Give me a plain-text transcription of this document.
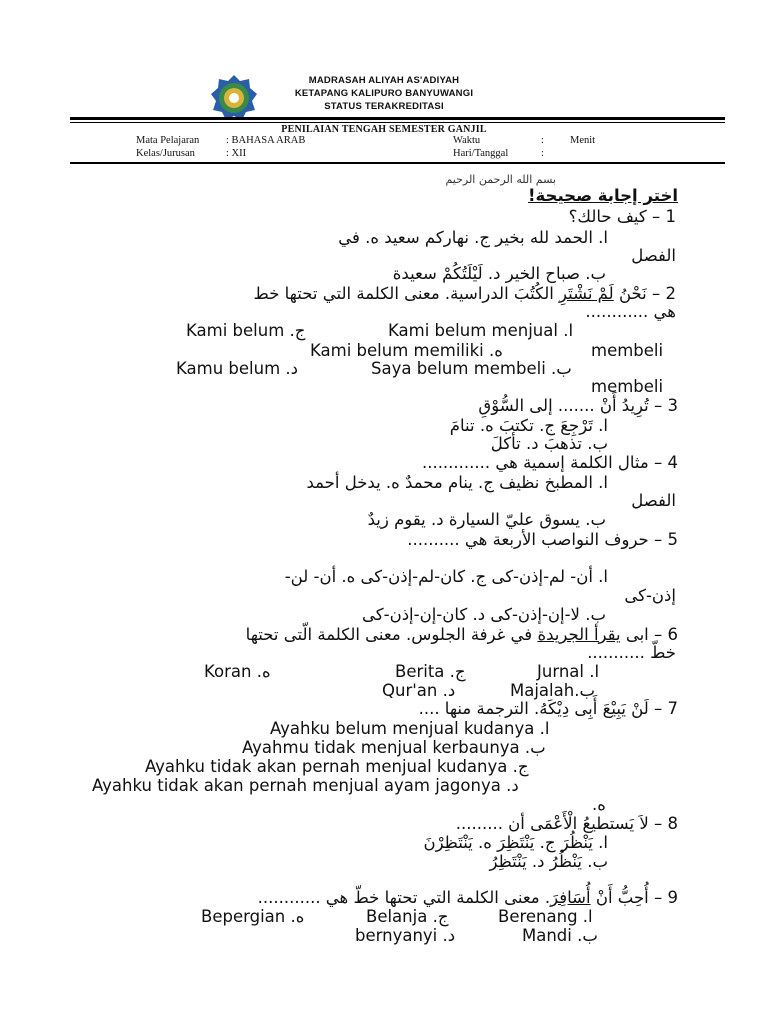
MADRASAH ALIYAH AS'ADIYAH
KETAPANG KALIPURO BANYUWANGI
STATUS TERAKREDITASI
PENILAIAN TENGAH SEMESTER GANJIL
Mata Pelajaran	: BAHASA ARAB	Waktu	: Menit
Kelas/Jurusan	: XII	Hari/Tanggal	:
بسم الله الرحمن الرحيم
اختر إجابة صحيحة!
1 – كيف حالك؟
ا. الحمد لله بخير ج. نهاركم سعيد ه. في
الفصل
ب. صباح الخير د. لَيْلَتُكُمْ سعيدة
2 – نَحْنُ لَمْ نَشْتَرِ الكُتُبَ الدراسية. معنى الكلمة التي تحتها خط
هي ............
Kami belum .ج	Kami belum menjual .ا
Kami belum memiliki .ه	membeli
Kamu belum .د	Saya belum membeli .ب
membeli
3 – تُرِيدُ أَنْ ....... إلى السُّوْقِ
ا. تَرْجِعَ ج. تكتبَ ه. تنامَ
ب. تذهبَ د. تأكلَ
4 – مثال الكلمة إسمية هي .............
ا. المطبخ نظيف ج. ينام محمدٌ ه. يدخل أحمد
الفصل
ب. يسوق عليّ السيارة د. يقوم زيدٌ
5 – حروف النواصب الأربعة هي ..........
ا. أن- لم-إذن-كى ج. كان-لم-إذن-كى ه. أن- لن-
إذن-كى
ب. لا-إن-إذن-كى د. كان-إن-إذن-كى
6 – ابى يقرأ الجريدة في غرفة الجلوس. معنى الكلمة الّتى تحتها
خطّ ...........
Koran .ه	Berita .ج	Jurnal .ا
Qur'an .د	Majalah.ب
7 – لَنْ يَبِيْعَ أَبِى دِيْكَهُ. الترجمة منها ....
Ayahku belum menjual kudanya .ا
Ayahmu tidak menjual kerbaunya .ب
Ayahku tidak akan pernah menjual kudanya .ج
Ayahku tidak akan pernah menjual ayam jagonya .د
.ه
8 – لاَ يَستطيعُ الْأَعْمَى أن .........
ا. يَنْظُرَ ج. يَنْتَظِرَ ه. يَنْتَظِرْنَ
ب. يَنْظُرُ د. يَنْتَظِرُ
9 – أُحِبُّ أَنْ أُسَافِرَ. معنى الكلمة التي تحتها خطّ هي ............
Bepergian .ه	Belanja .ج	Berenang .ا
bernyanyi .د	Mandi .ب
